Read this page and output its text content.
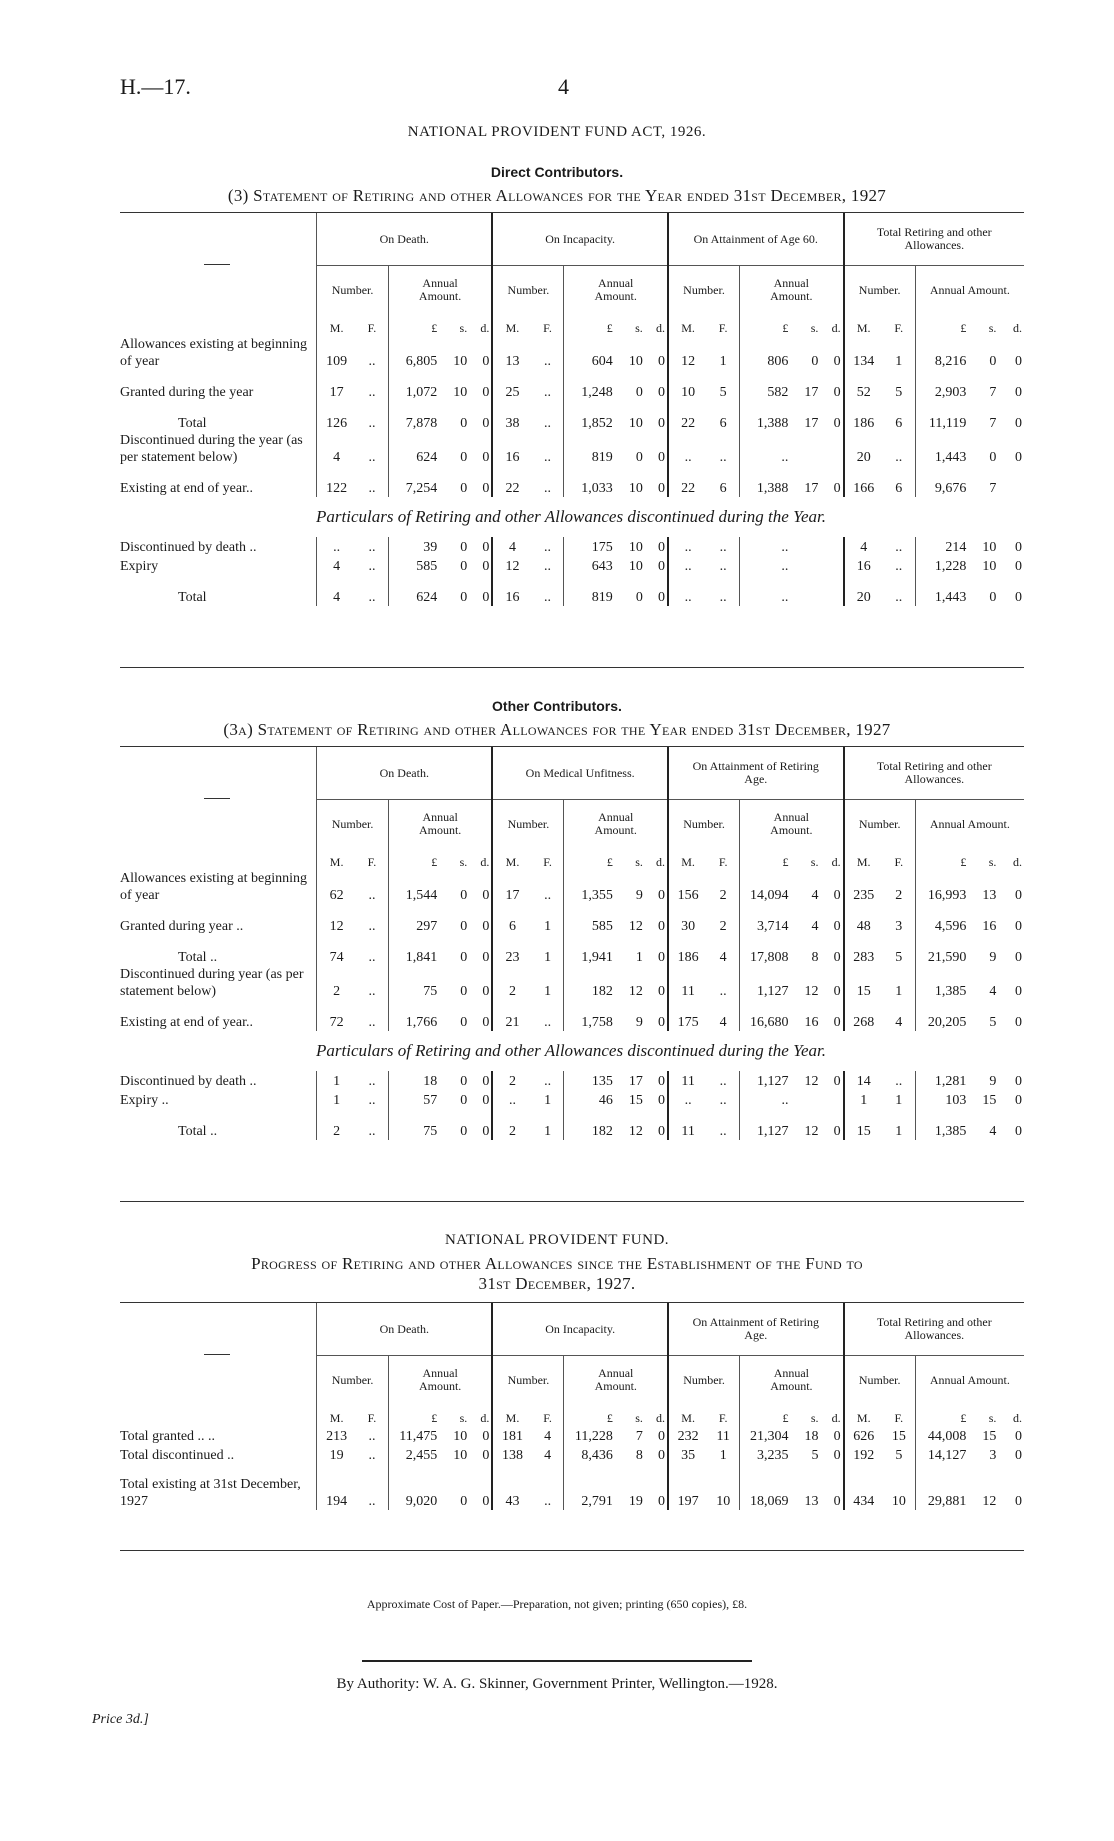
H.—17.	4
NATIONAL PROVIDENT FUND ACT, 1926.
Direct Contributors.
(3) Statement of Retiring and other Allowances for the Year ended 31st December, 1927
	On Death.					On Incapacity.					On Attainment of Age 60.					Total Retiring and other Allowances.				
	Number.		Annual Amount.			Number.		Annual Amount.			Number.		Annual Amount.			Number.		Annual Amount.		
	M.	F.	£	s.	d.	M.	F.	£	s.	d.	M.	F.	£	s.	d.	M.	F.	£	s.	d.
Allowances existing at beginning of year	109	..	6,805	10	0	13	..	604	10	0	12	1	806	0	0	134	1	8,216	0	0

Granted during the year	17	..	1,072	10	0	25	..	1,248	0	0	10	5	582	17	0	52	5	2,903	7	0

Total	126	..	7,878	0	0	38	..	1,852	10	0	22	6	1,388	17	0	186	6	11,119	7	0
Discontinued during the year (as per statement below)	4	..	624	0	0	16	..	819	0	0	..	..	..			20	..	1,443	0	0

Existing at end of year..	122	..	7,254	0	0	22	..	1,033	10	0	22	6	1,388	17	0	166	6	9,676	7	
Particulars of Retiring and other Allowances discontinued during the Year.																				
Discontinued by death ..	..	..	39	0	0	4	..	175	10	0	..	..	..			4	..	214	10	0
Expiry	4	..	585	0	0	12	..	643	10	0	..	..	..			16	..	1,228	10	0

Total	4	..	624	0	0	16	..	819	0	0	..	..	..			20	..	1,443	0	0
Other Contributors.
(3a) Statement of Retiring and other Allowances for the Year ended 31st December, 1927
	On Death.					On Medical Unfitness.					On Attainment of Retiring Age.					Total Retiring and other Allowances.				
	Number.		Annual Amount.			Number.		Annual Amount.			Number.		Annual Amount.			Number.		Annual Amount.		
	M.	F.	£	s.	d.	M.	F.	£	s.	d.	M.	F.	£	s.	d.	M.	F.	£	s.	d.
Allowances existing at beginning of year	62	..	1,544	0	0	17	..	1,355	9	0	156	2	14,094	4	0	235	2	16,993	13	0

Granted during year ..	12	..	297	0	0	6	1	585	12	0	30	2	3,714	4	0	48	3	4,596	16	0

Total ..	74	..	1,841	0	0	23	1	1,941	1	0	186	4	17,808	8	0	283	5	21,590	9	0
Discontinued during year (as per statement below)	2	..	75	0	0	2	1	182	12	0	11	..	1,127	12	0	15	1	1,385	4	0

Existing at end of year..	72	..	1,766	0	0	21	..	1,758	9	0	175	4	16,680	16	0	268	4	20,205	5	0
Particulars of Retiring and other Allowances discontinued during the Year.																				
Discontinued by death ..	1	..	18	0	0	2	..	135	17	0	11	..	1,127	12	0	14	..	1,281	9	0
Expiry ..	1	..	57	0	0	..	1	46	15	0	..	..	..			1	1	103	15	0

Total ..	2	..	75	0	0	2	1	182	12	0	11	..	1,127	12	0	15	1	1,385	4	0
NATIONAL PROVIDENT FUND.
Progress of Retiring and other Allowances since the Establishment of the Fund to
31st December, 1927.
	On Death.					On Incapacity.					On Attainment of Retiring Age.					Total Retiring and other Allowances.				
	Number.		Annual Amount.			Number.		Annual Amount.			Number.		Annual Amount.			Number.		Annual Amount.		
	M.	F.	£	s.	d.	M.	F.	£	s.	d.	M.	F.	£	s.	d.	M.	F.	£	s.	d.
Total granted .. ..	213	..	11,475	10	0	181	4	11,228	7	0	232	11	21,304	18	0	626	15	44,008	15	0
Total discontinued ..	19	..	2,455	10	0	138	4	8,436	8	0	35	1	3,235	5	0	192	5	14,127	3	0

Total existing at 31st December, 1927	194	..	9,020	0	0	43	..	2,791	19	0	197	10	18,069	13	0	434	10	29,881	12	0
Approximate Cost of Paper.—Preparation, not given; printing (650 copies), £8.
By Authority: W. A. G. Skinner, Government Printer, Wellington.—1928.
Price 3d.]
